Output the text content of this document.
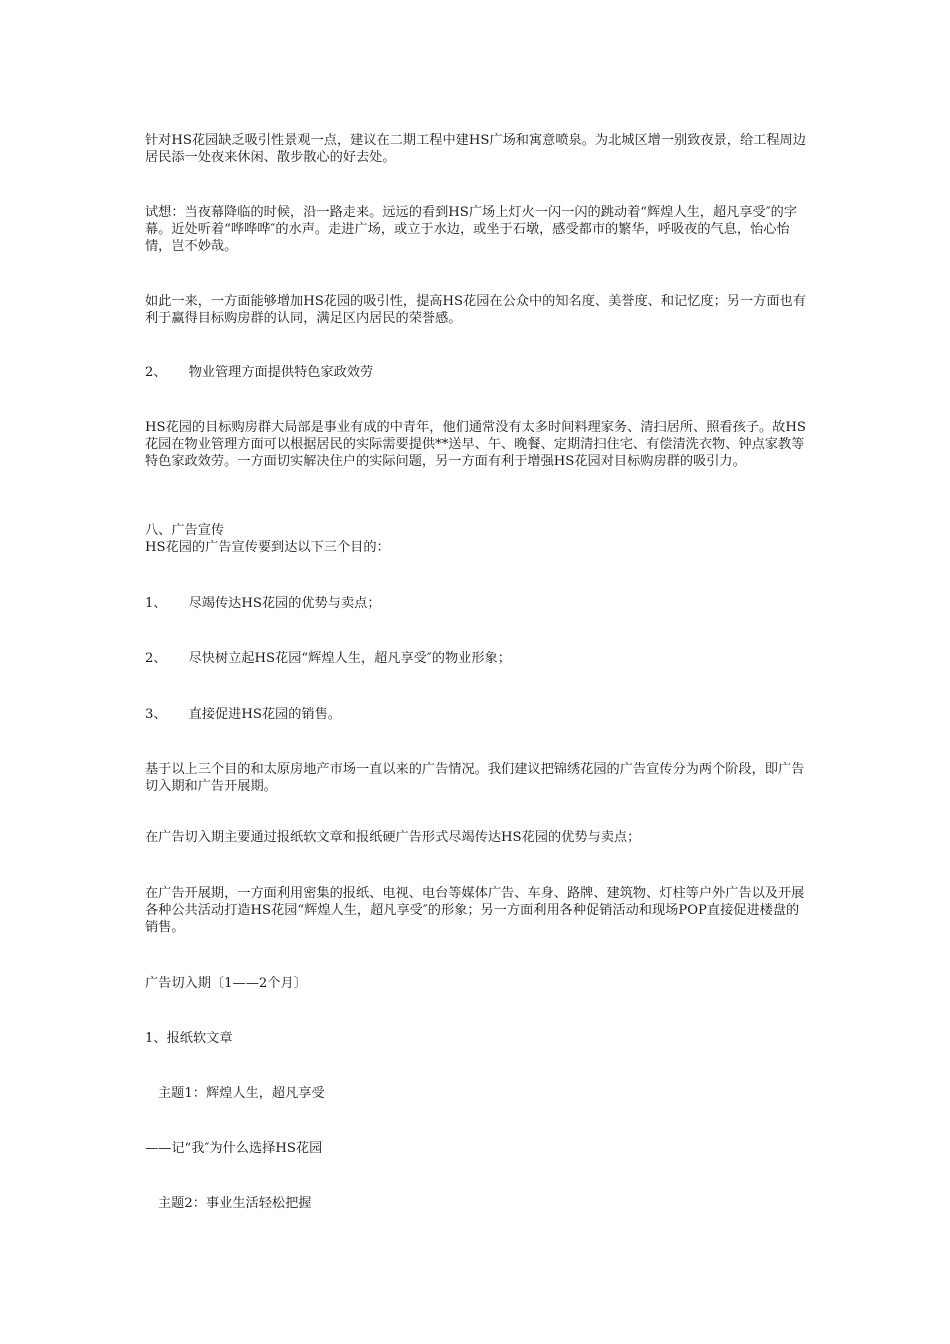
针对HS花园缺乏吸引性景观一点，建议在二期工程中建HS广场和寓意喷泉。为北城区增一别致夜景，给工程周边居民添一处夜来休闲、散步散心的好去处。
试想：当夜幕降临的时候，沿一路走来。远远的看到HS广场上灯火一闪一闪的跳动着“辉煌人生，超凡享受″的字幕。近处听着“哗哗哗″的水声。走进广场，或立于水边，或坐于石墩，感受都市的繁华，呼吸夜的气息，怡心怡情，岂不妙哉。
如此一来，一方面能够增加HS花园的吸引性，提高HS花园在公众中的知名度、美誉度、和记忆度；另一方面也有利于赢得目标购房群的认同，满足区内居民的荣誉感。
2、 物业管理方面提供特色家政效劳
HS花园的目标购房群大局部是事业有成的中青年，他们通常没有太多时间料理家务、清扫居所、照看孩子。故HS花园在物业管理方面可以根据居民的实际需要提供**送早、午、晚餐、定期清扫住宅、有偿清洗衣物、钟点家教等特色家政效劳。一方面切实解决住户的实际问题，另一方面有利于增强HS花园对目标购房群的吸引力。
八、广告宣传
HS花园的广告宣传要到达以下三个目的：
1、 尽竭传达HS花园的优势与卖点；
2、 尽快树立起HS花园“辉煌人生，超凡享受″的物业形象；
3、 直接促进HS花园的销售。
基于以上三个目的和太原房地产市场一直以来的广告情况。我们建议把锦绣花园的广告宣传分为两个阶段，即广告切入期和广告开展期。
在广告切入期主要通过报纸软文章和报纸硬广告形式尽竭传达HS花园的优势与卖点；
在广告开展期，一方面利用密集的报纸、电视、电台等媒体广告、车身、路牌、建筑物、灯柱等户外广告以及开展各种公共活动打造HS花园“辉煌人生，超凡享受″的形象；另一方面利用各种促销活动和现场POP直接促进楼盘的销售。
广告切入期〔1——2个月〕
1、报纸软文章
主题1：辉煌人生，超凡享受
——记“我″为什么选择HS花园
主题2：事业生活轻松把握
